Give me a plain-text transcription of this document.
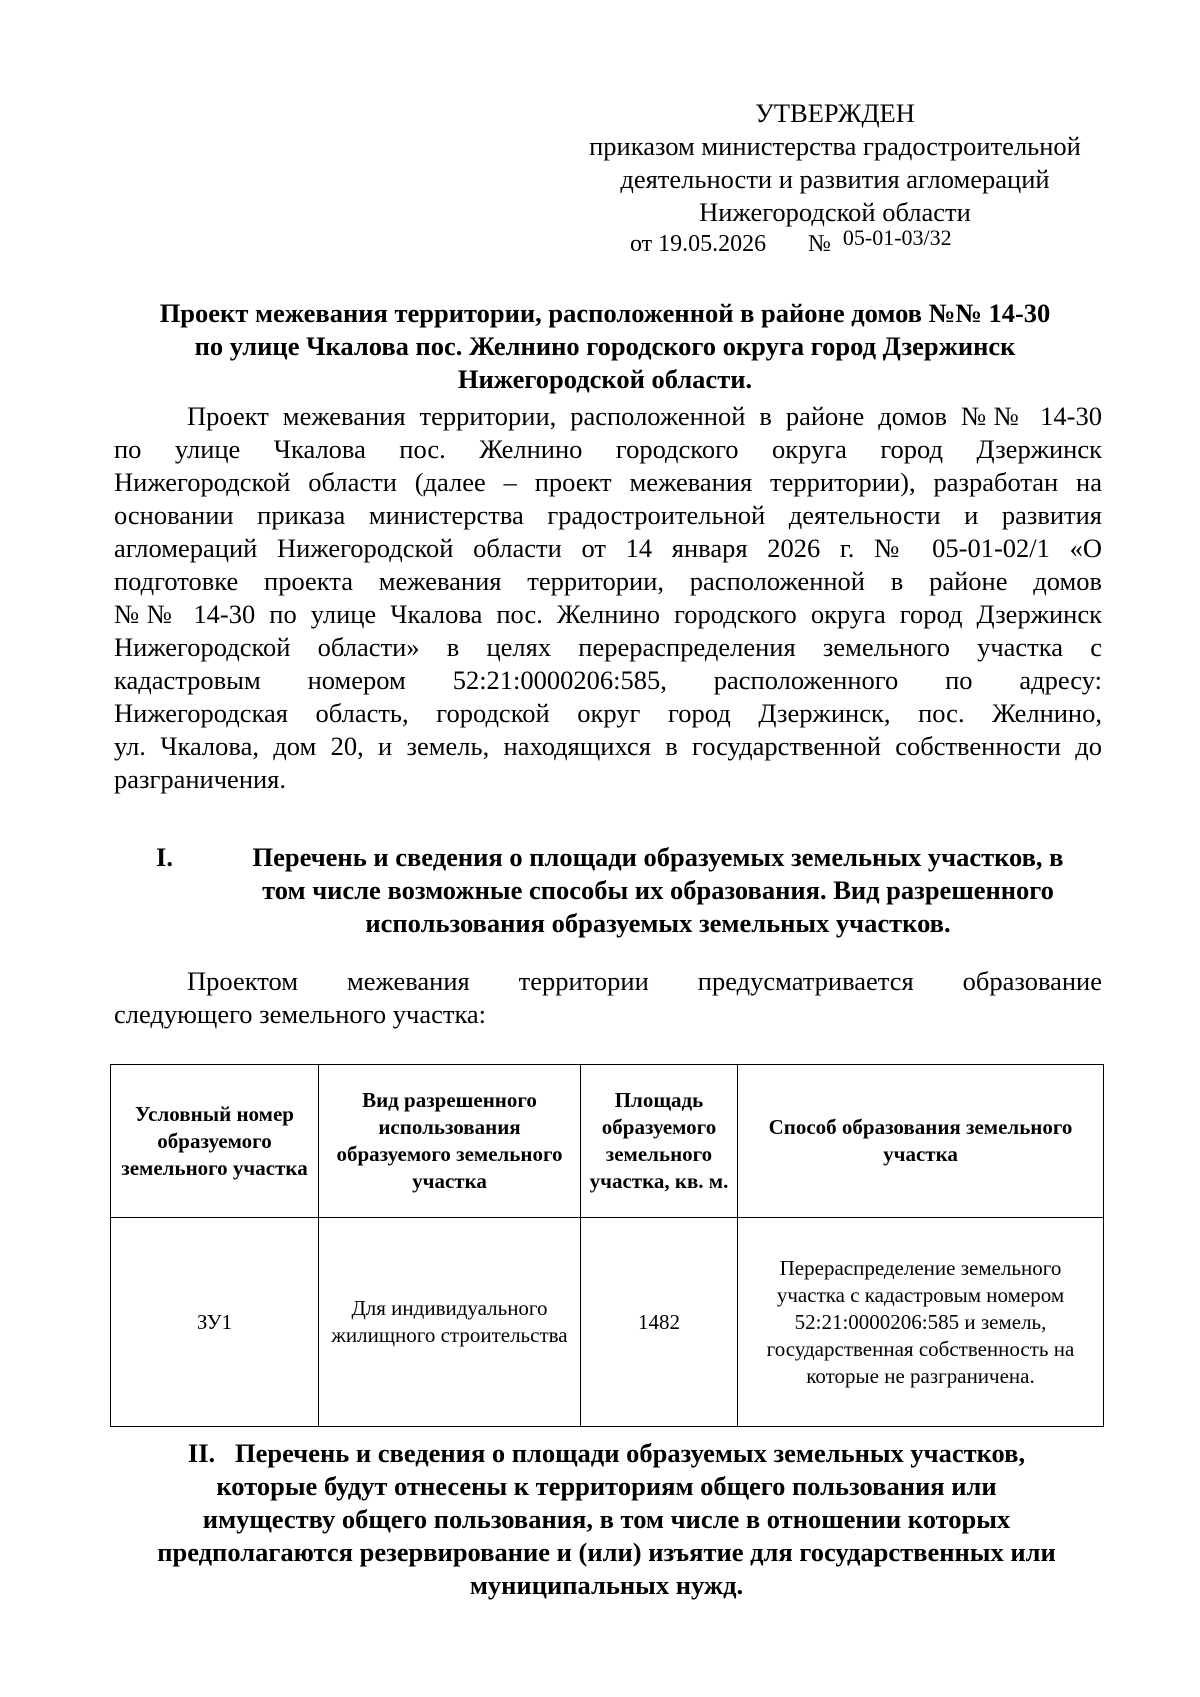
УТВЕРЖДЕН
приказом министерства градостроительной
деятельности и развития агломераций
Нижегородской области
от 19.05.2026 № 05-01-03/32
Проект межевания территории, расположенной в районе домов №№ 14-30
по улице Чкалова пос. Желнино городского округа город Дзержинск
Нижегородской области.
Проект межевания территории, расположенной в районе домов №№ 14-30
по улице Чкалова пос. Желнино городского округа город Дзержинск
Нижегородской области (далее – проект межевания территории), разработан на
основании приказа министерства градостроительной деятельности и развития
агломераций Нижегородской области от 14 января 2026 г. № 05-01-02/1 «О
подготовке проекта межевания территории, расположенной в районе домов
№№ 14-30 по улице Чкалова пос. Желнино городского округа город Дзержинск
Нижегородской области» в целях перераспределения земельного участка с
кадастровым номером 52:21:0000206:585, расположенного по адресу:
Нижегородская область, городской округ город Дзержинск, пос. Желнино,
ул. Чкалова, дом 20, и земель, находящихся в государственной собственности до
разграничения.
I.	Перечень и сведения о площади образуемых земельных участков, в
том числе возможные способы их образования. Вид разрешенного
использования образуемых земельных участков.
Проектом межевания территории предусматривается образование
следующего земельного участка:
Условный номер образуемого земельного участка	Вид разрешенного использования образуемого земельного участка	Площадь образуемого земельного участка, кв. м.	Способ образования земельного участка
ЗУ1	Для индивидуального жилищного строительства	1482	Перераспределение земельного участка с кадастровым номером 52:21:0000206:585 и земель, государственная собственность на которые не разграничена.
II. Перечень и сведения о площади образуемых земельных участков,
которые будут отнесены к территориям общего пользования или
имуществу общего пользования, в том числе в отношении которых
предполагаются резервирование и (или) изъятие для государственных или
муниципальных нужд.
